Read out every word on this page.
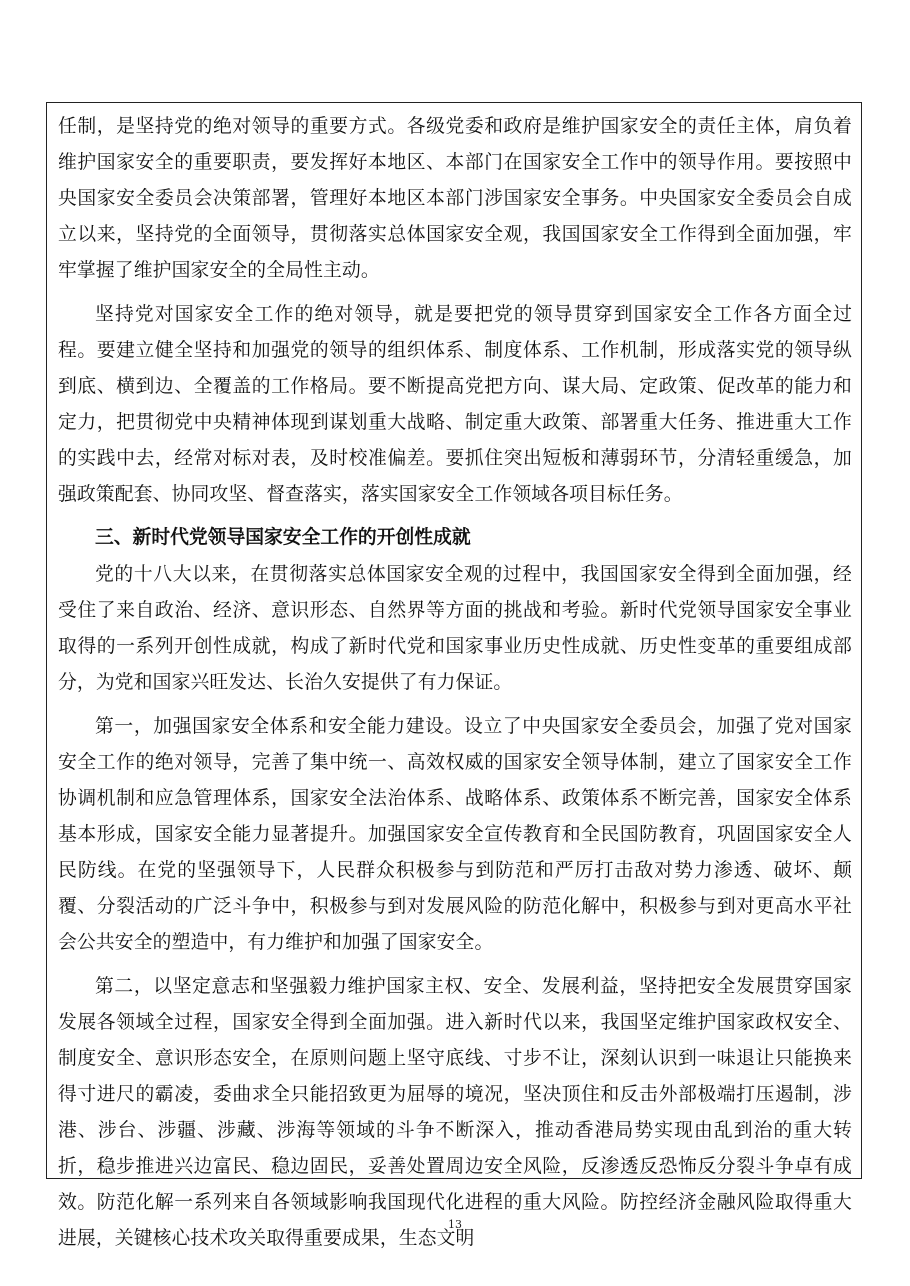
任制，是坚持党的绝对领导的重要方式。各级党委和政府是维护国家安全的责任主体，肩负着维护国家安全的重要职责，要发挥好本地区、本部门在国家安全工作中的领导作用。要按照中央国家安全委员会决策部署，管理好本地区本部门涉国家安全事务。中央国家安全委员会自成立以来，坚持党的全面领导，贯彻落实总体国家安全观，我国国家安全工作得到全面加强，牢牢掌握了维护国家安全的全局性主动。

坚持党对国家安全工作的绝对领导，就是要把党的领导贯穿到国家安全工作各方面全过程。要建立健全坚持和加强党的领导的组织体系、制度体系、工作机制，形成落实党的领导纵到底、横到边、全覆盖的工作格局。要不断提高党把方向、谋大局、定政策、促改革的能力和定力，把贯彻党中央精神体现到谋划重大战略、制定重大政策、部署重大任务、推进重大工作的实践中去，经常对标对表，及时校准偏差。要抓住突出短板和薄弱环节，分清轻重缓急，加强政策配套、协同攻坚、督查落实，落实国家安全工作领域各项目标任务。

三、新时代党领导国家安全工作的开创性成就

党的十八大以来，在贯彻落实总体国家安全观的过程中，我国国家安全得到全面加强，经受住了来自政治、经济、意识形态、自然界等方面的挑战和考验。新时代党领导国家安全事业取得的一系列开创性成就，构成了新时代党和国家事业历史性成就、历史性变革的重要组成部分，为党和国家兴旺发达、长治久安提供了有力保证。

第一，加强国家安全体系和安全能力建设。设立了中央国家安全委员会，加强了党对国家安全工作的绝对领导，完善了集中统一、高效权威的国家安全领导体制，建立了国家安全工作协调机制和应急管理体系，国家安全法治体系、战略体系、政策体系不断完善，国家安全体系基本形成，国家安全能力显著提升。加强国家安全宣传教育和全民国防教育，巩固国家安全人民防线。在党的坚强领导下，人民群众积极参与到防范和严厉打击敌对势力渗透、破坏、颠覆、分裂活动的广泛斗争中，积极参与到对发展风险的防范化解中，积极参与到对更高水平社会公共安全的塑造中，有力维护和加强了国家安全。

第二，以坚定意志和坚强毅力维护国家主权、安全、发展利益，坚持把安全发展贯穿国家发展各领域全过程，国家安全得到全面加强。进入新时代以来，我国坚定维护国家政权安全、制度安全、意识形态安全，在原则问题上坚守底线、寸步不让，深刻认识到一味退让只能换来得寸进尺的霸凌，委曲求全只能招致更为屈辱的境况，坚决顶住和反击外部极端打压遏制，涉港、涉台、涉疆、涉藏、涉海等领域的斗争不断深入，推动香港局势实现由乱到治的重大转折，稳步推进兴边富民、稳边固民，妥善处置周边安全风险，反渗透反恐怖反分裂斗争卓有成效。防范化解一系列来自各领域影响我国现代化进程的重大风险。防控经济金融风险取得重大进展，关键核心技术攻关取得重要成果，生态文明

13
